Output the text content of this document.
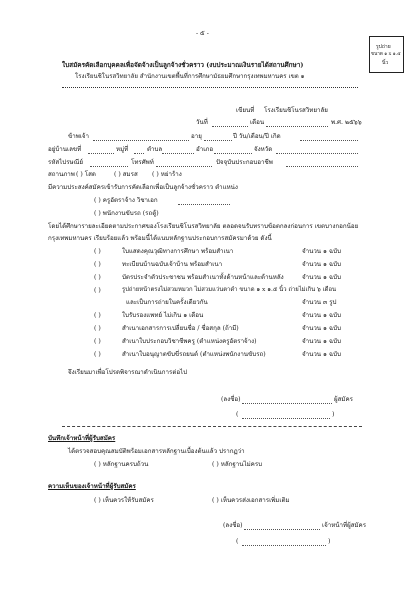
- ๕ -
รูปถ่าย
ขนาด ๑ x ๑.๕
นิ้ว
ใบสมัครคัดเลือกบุคคลเพื่อจัดจ้างเป็นลูกจ้างชั่วคราว (งบประมาณเงินรายได้สถานศึกษา)
โรงเรียนชิโนรสวิทยาลัย สำนักงานเขตพื้นที่การศึกษามัธยมศึกษากรุงเทพมหานคร เขต ๑
เขียนที่ โรงเรียนชิโนรสวิทยาลัย
วันที่	เดือน	พ.ศ. ๒๕๖๖
ข้าพเจ้า	อายุ	ปี วัน/เดือน/ปี เกิด
อยู่บ้านเลขที่	หมู่ที่	ตำบล	อำเภอ	จังหวัด
รหัสไปรษณีย์	โทรศัพท์	ปัจจุบันประกอบอาชีพ
สถานภาพ ( ) โสด	( ) สมรส ( ) หย่าร้าง
มีความประสงค์สมัครเข้ารับการคัดเลือกเพื่อเป็นลูกจ้างชั่วคราว ตำแหน่ง
( ) ครูอัตราจ้าง วิชาเอก
( ) พนักงานขับรถ (รถตู้)
โดยได้ศึกษารายละเอียดตามประกาศของโรงเรียนชิโนรสวิทยาลัย ตลอดจนรับทราบข้อตกลงก่อนการ เขตบางกอกน้อย
กรุงเทพมหานคร เรียบร้อยแล้ว พร้อมนี้ได้แนบหลักฐานประกอบการสมัครมาด้วย ดังนี้
( )	ใบแสดงคุณวุฒิทางการศึกษา พร้อมสำเนา	จำนวน ๑ ฉบับ
( )	ทะเบียนบ้านฉบับเจ้าบ้าน พร้อมสำเนา	จำนวน ๑ ฉบับ
( )	บัตรประจำตัวประชาชน พร้อมสำเนาทั้งด้านหน้าและด้านหลัง	จำนวน ๑ ฉบับ
( )	รูปถ่ายหน้าตรงไม่สวมหมวก ไม่สวมแว่นตาดำ ขนาด ๑ x ๑.๕ นิ้ว ถ่ายไม่เกิน ๖ เดือน
และเป็นการถ่ายในครั้งเดียวกัน	จำนวน ๓ รูป
( )	ใบรับรองแพทย์ ไม่เกิน ๑ เดือน	จำนวน ๑ ฉบับ
( )	สำเนาเอกสารการเปลี่ยนชื่อ / ชื่อสกุล (ถ้ามี)	จำนวน ๑ ฉบับ
( )	สำเนาใบประกอบวิชาชีพครู (ตำแหน่งครูอัตราจ้าง)	จำนวน ๑ ฉบับ
( )	สำเนาใบอนุญาตขับขี่รถยนต์ (ตำแหน่งพนักงานขับรถ)	จำนวน ๑ ฉบับ
จึงเรียนมาเพื่อโปรดพิจารณาดำเนินการต่อไป
(ลงชื่อ)	ผู้สมัคร
(	)
บันทึกเจ้าหน้าที่ผู้รับสมัคร
ได้ตรวจสอบคุณสมบัติพร้อมเอกสารหลักฐานเบื้องต้นแล้ว ปรากฏว่า
( ) หลักฐานครบถ้วน	( ) หลักฐานไม่ครบ
ความเห็นของเจ้าหน้าที่ผู้รับสมัคร
( ) เห็นควรให้รับสมัคร	( ) เห็นควรส่งเอกสารเพิ่มเติม
(ลงชื่อ)	เจ้าหน้าที่ผู้สมัคร
(	)
